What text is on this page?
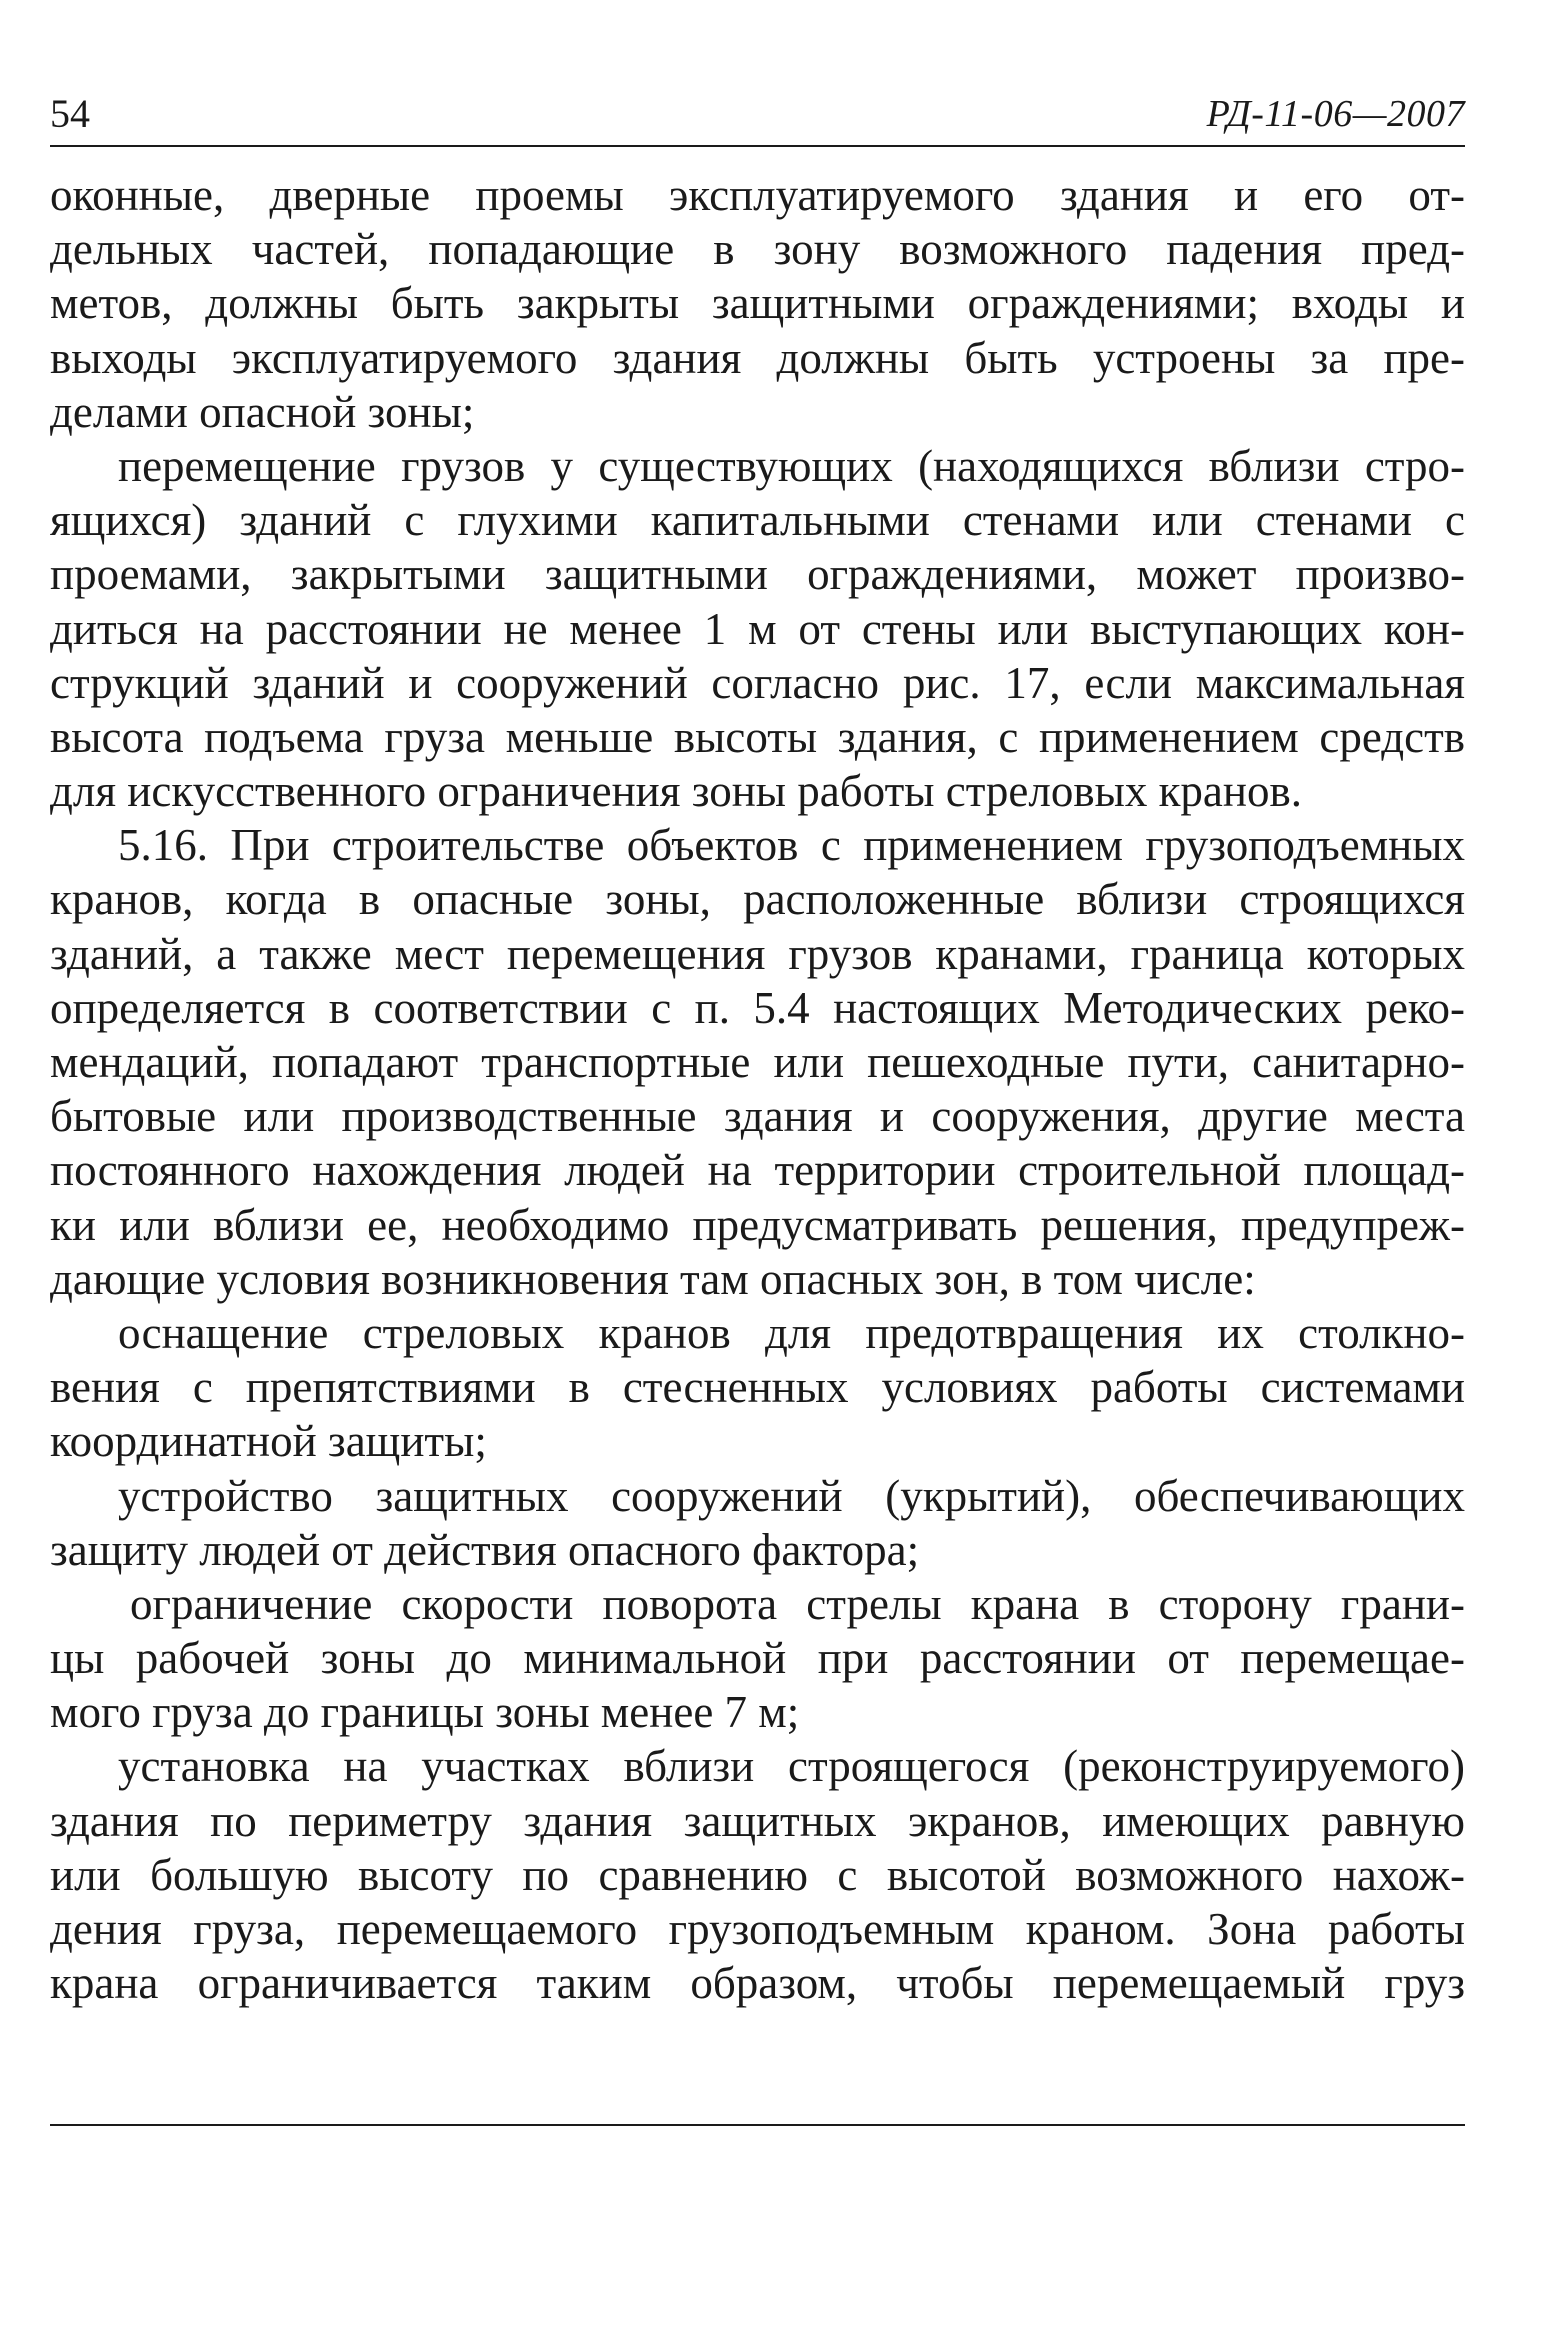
54	РД-11-06—2007
оконные, дверные проемы эксплуатируемого здания и его от-
дельных частей, попадающие в зону возможного падения пред-
метов, должны быть закрыты защитными ограждениями; входы и
выходы эксплуатируемого здания должны быть устроены за пре-
делами опасной зоны;
перемещение грузов у существующих (находящихся вблизи стро-
ящихся) зданий с глухими капитальными стенами или стенами с
проемами, закрытыми защитными ограждениями, может произво-
диться на расстоянии не менее 1 м от стены или выступающих кон-
струкций зданий и сооружений согласно рис. 17, если максимальная
высота подъема груза меньше высоты здания, с применением средств
для искусственного ограничения зоны работы стреловых кранов.
5.16. При строительстве объектов с применением грузоподъемных
кранов, когда в опасные зоны, расположенные вблизи строящихся
зданий, а также мест перемещения грузов кранами, граница которых
определяется в соответствии с п. 5.4 настоящих Методических реко-
мендаций, попадают транспортные или пешеходные пути, санитарно-
бытовые или производственные здания и сооружения, другие места
постоянного нахождения людей на территории строительной площад-
ки или вблизи ее, необходимо предусматривать решения, предупреж-
дающие условия возникновения там опасных зон, в том числе:
оснащение стреловых кранов для предотвращения их столкно-
вения с препятствиями в стесненных условиях работы системами
координатной защиты;
устройство защитных сооружений (укрытий), обеспечивающих
защиту людей от действия опасного фактора;
ограничение скорости поворота стрелы крана в сторону грани-
цы рабочей зоны до минимальной при расстоянии от перемещае-
мого груза до границы зоны менее 7 м;
установка на участках вблизи строящегося (реконструируемого)
здания по периметру здания защитных экранов, имеющих равную
или большую высоту по сравнению с высотой возможного нахож-
дения груза, перемещаемого грузоподъемным краном. Зона работы
крана ограничивается таким образом, чтобы перемещаемый груз
